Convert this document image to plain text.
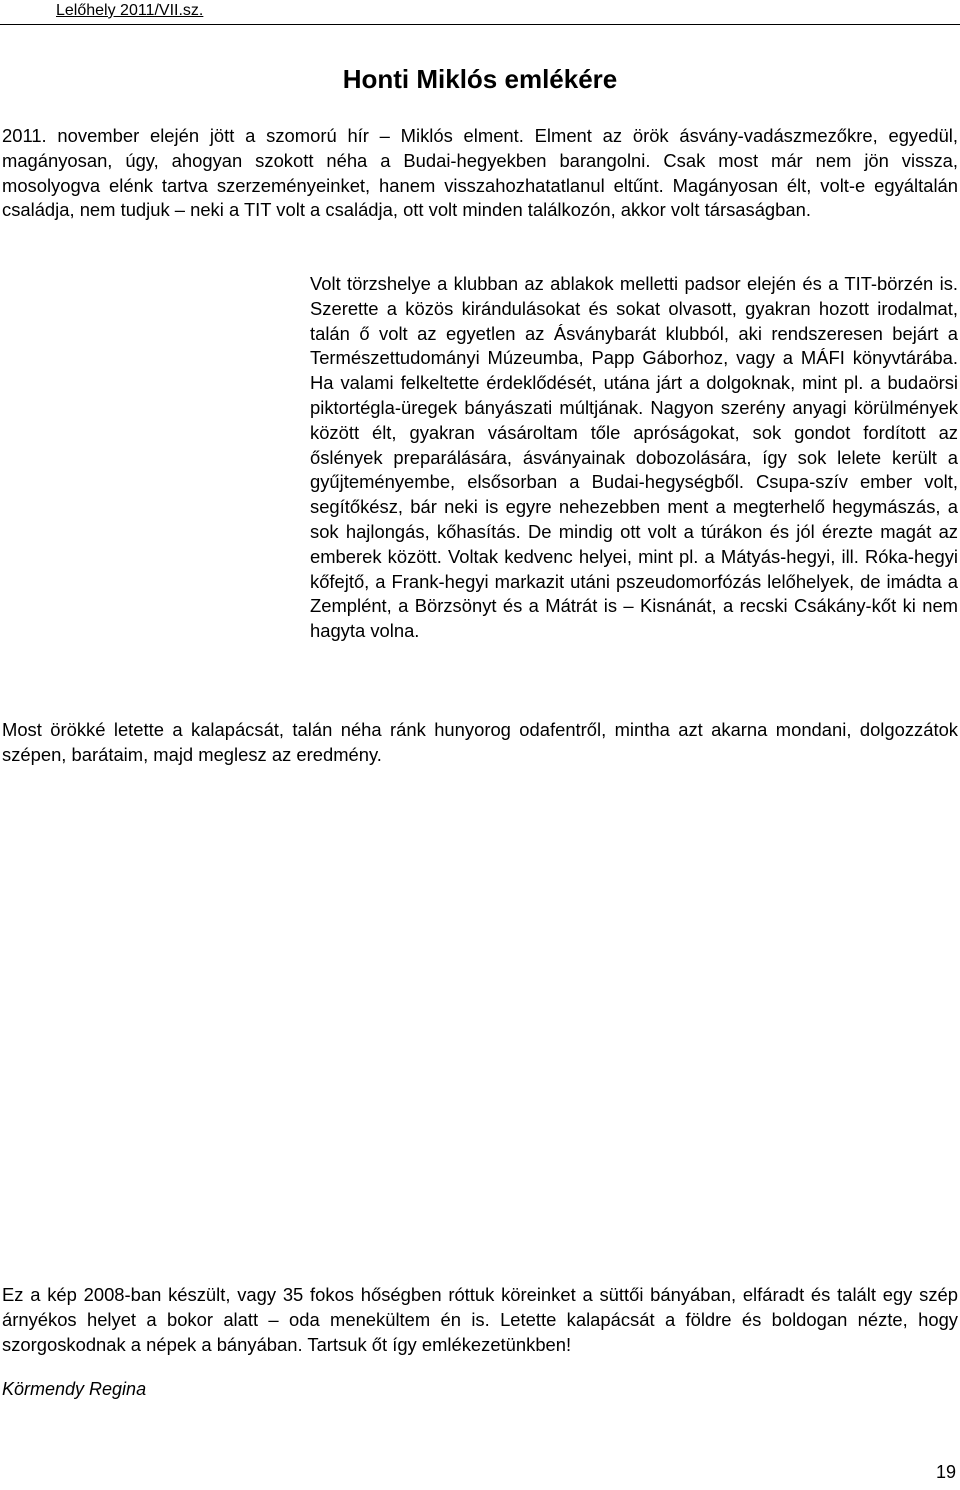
Lelőhely 2011/VII.sz.
Honti Miklós emlékére

2011. november elején jött a szomorú hír – Miklós elment. Elment az örök ásvány-vadászmezőkre, egyedül, magányosan, úgy, ahogyan szokott néha a Budai-hegyekben barangolni. Csak most már nem jön vissza, mosolyogva elénk tartva szerzeményeinket, hanem visszahozhatatlanul eltűnt. Magányosan élt, volt-e egyáltalán családja, nem tudjuk – neki a TIT volt a családja, ott volt minden találkozón, akkor volt társaságban.

Volt törzshelye a klubban az ablakok melletti padsor elején és a TIT-börzén is. Szerette a közös kirándulásokat és sokat olvasott, gyakran hozott irodalmat, talán ő volt az egyetlen az Ásványbarát klubból, aki rendszeresen bejárt a Természettudományi Múzeumba, Papp Gáborhoz, vagy a MÁFI könyvtárába. Ha valami felkeltette érdeklődését, utána járt a dolgoknak, mint pl. a budaörsi piktortégla-üregek bányászati múltjának. Nagyon szerény anyagi körülmények között élt, gyakran vásároltam tőle apróságokat, sok gondot fordított az őslények preparálására, ásványainak dobozolására, így sok lelete került a gyűjteményembe, elsősorban a Budai-hegységből. Csupa-szív ember volt, segítőkész, bár neki is egyre nehezebben ment a megterhelő hegymászás, a sok hajlongás, kőhasítás. De mindig ott volt a túrákon és jól érezte magát az emberek között. Voltak kedvenc helyei, mint pl. a Mátyás-hegyi, ill. Róka-hegyi kőfejtő, a Frank-hegyi markazit utáni pszeudomorfózás lelőhelyek, de imádta a Zemplént, a Börzsönyt és a Mátrát is – Kisnánát, a recski Csákány-kőt ki nem hagyta volna.

Most örökké letette a kalapácsát, talán néha ránk hunyorog odafentről, mintha azt akarna mondani, dolgozzátok szépen, barátaim, majd meglesz az eredmény.

Ez a kép 2008-ban készült, vagy 35 fokos hőségben róttuk köreinket a süttői bányában, elfáradt és talált egy szép árnyékos helyet a bokor alatt – oda menekültem én is. Letette kalapácsát a földre és boldogan nézte, hogy szorgoskodnak a népek a bányában. Tartsuk őt így emlékezetünkben!

Körmendy Regina
19
